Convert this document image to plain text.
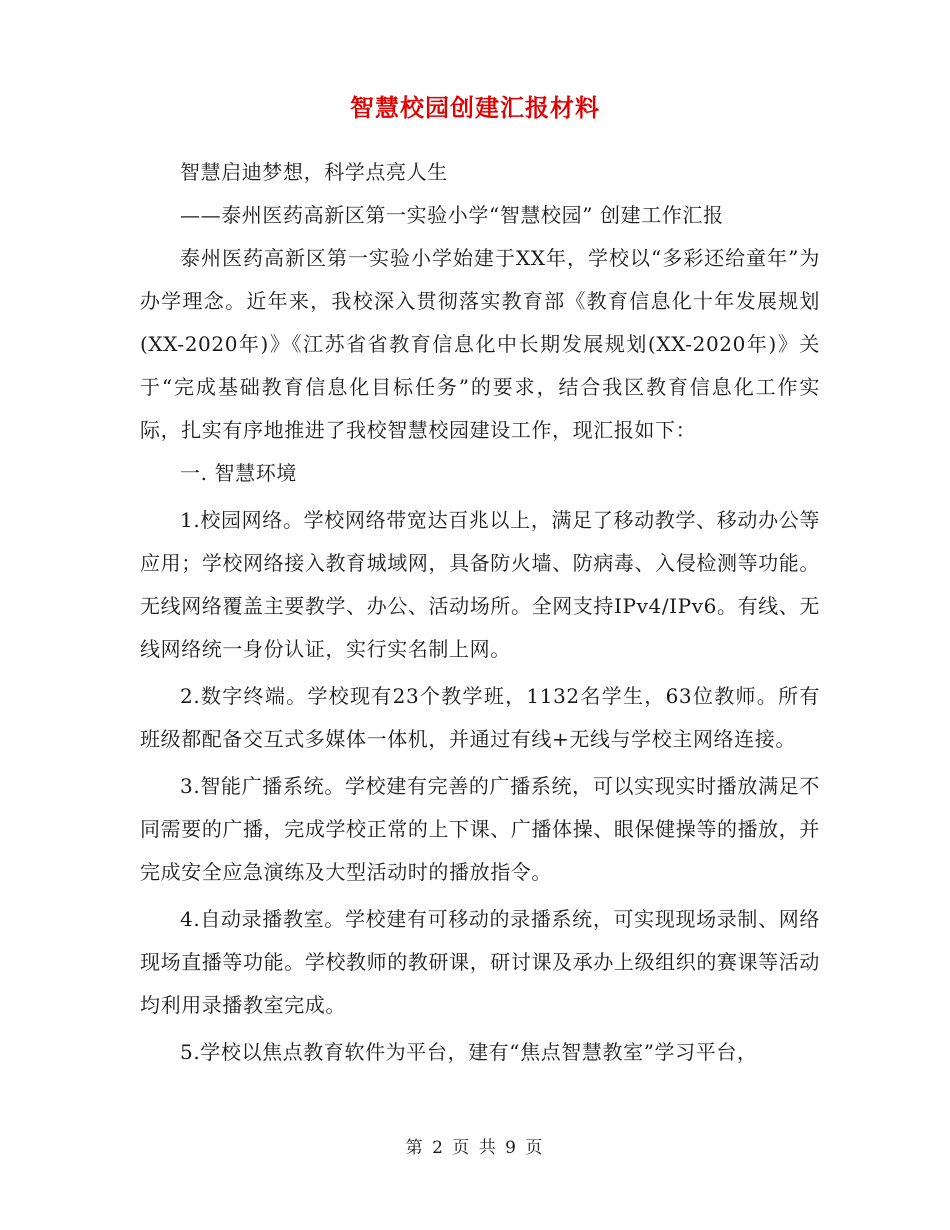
智慧校园创建汇报材料

智慧启迪梦想，科学点亮人生

——泰州医药高新区第一实验小学“智慧校园” 创建工作汇报

泰州医药高新区第一实验小学始建于XX年，学校以“多彩还给童年”为办学理念。近年来，我校深入贯彻落实教育部《教育信息化十年发展规划(XX-2020年)》《江苏省省教育信息化中长期发展规划(XX-2020年)》关于“完成基础教育信息化目标任务”的要求，结合我区教育信息化工作实际，扎实有序地推进了我校智慧校园建设工作，现汇报如下：

一. 智慧环境

1.校园网络。学校网络带宽达百兆以上，满足了移动教学、移动办公等应用；学校网络接入教育城域网，具备防火墙、防病毒、入侵检测等功能。无线网络覆盖主要教学、办公、活动场所。全网支持IPv4/IPv6。有线、无线网络统一身份认证，实行实名制上网。

2.数字终端。学校现有23个教学班，1132名学生，63位教师。所有班级都配备交互式多媒体一体机，并通过有线+无线与学校主网络连接。

3.智能广播系统。学校建有完善的广播系统，可以实现实时播放满足不同需要的广播，完成学校正常的上下课、广播体操、眼保健操等的播放，并完成安全应急演练及大型活动时的播放指令。

4.自动录播教室。学校建有可移动的录播系统，可实现现场录制、网络现场直播等功能。学校教师的教研课，研讨课及承办上级组织的赛课等活动均利用录播教室完成。

5.学校以焦点教育软件为平台，建有“焦点智慧教室”学习平台，

第 2 页 共 9 页
